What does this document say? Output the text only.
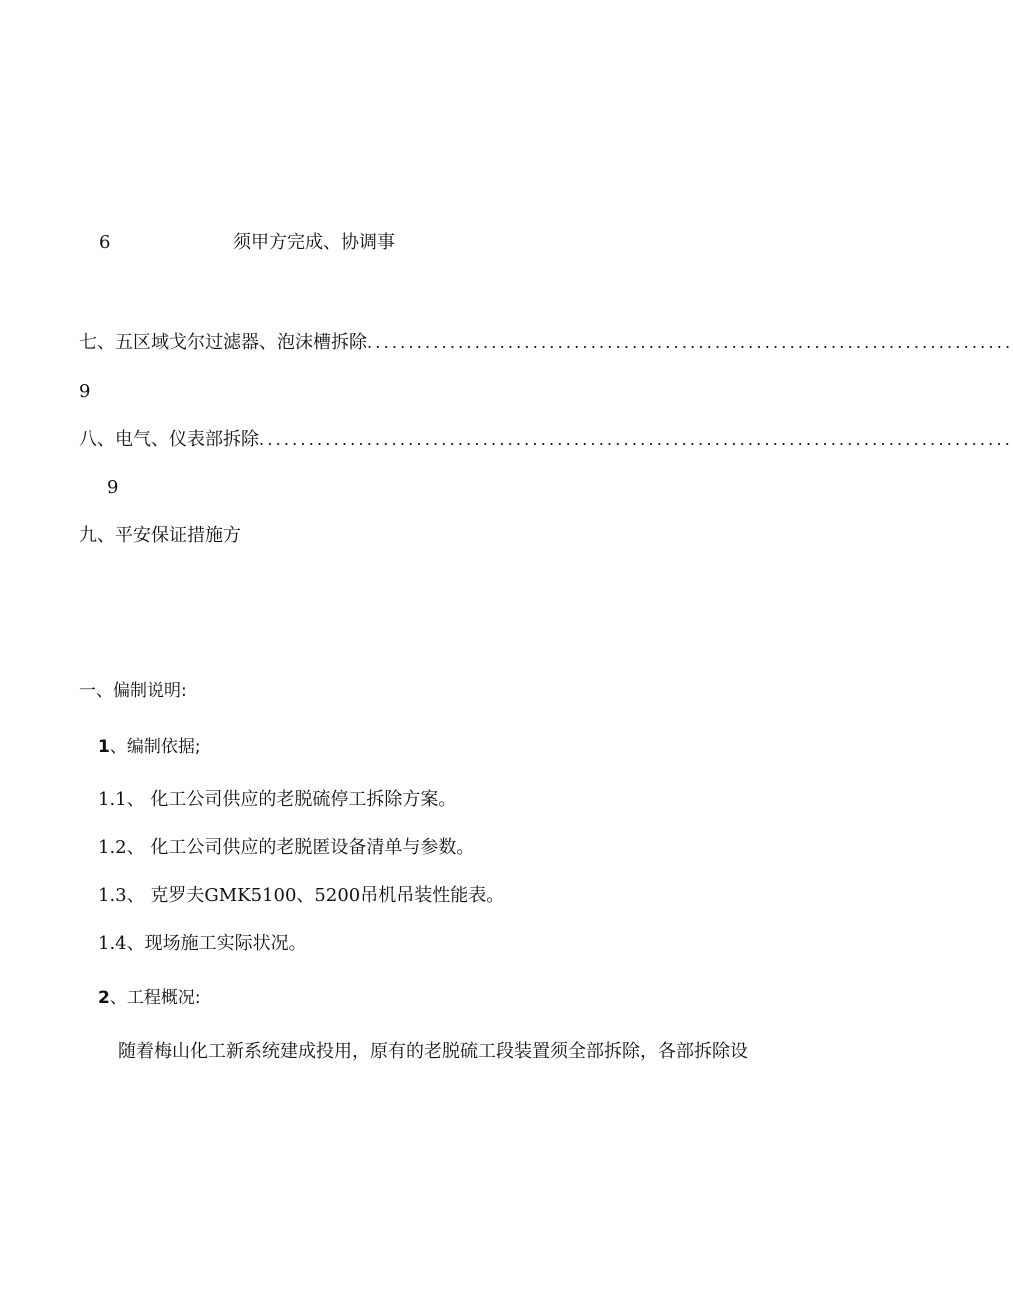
6	须甲方完成、协调事
七、五区域戈尔过滤器、泡沫槽拆除 ..............................................................................
9
八、电气、仪表部拆除 ...........................................................................................
9
九、平安保证措施方
一、偏制说明:
1、编制依据;
1.1、 化工公司供应的老脱硫停工拆除方案。
1.2、 化工公司供应的老脱匿设备清单与参数。
1.3、 克罗夫GMK5100、5200吊机吊装性能表。
1.4、现场施工实际状况。
2、工程概况:
随着梅山化工新系统建成投用，原有的老脱硫工段装置须全部拆除，各部拆除设
